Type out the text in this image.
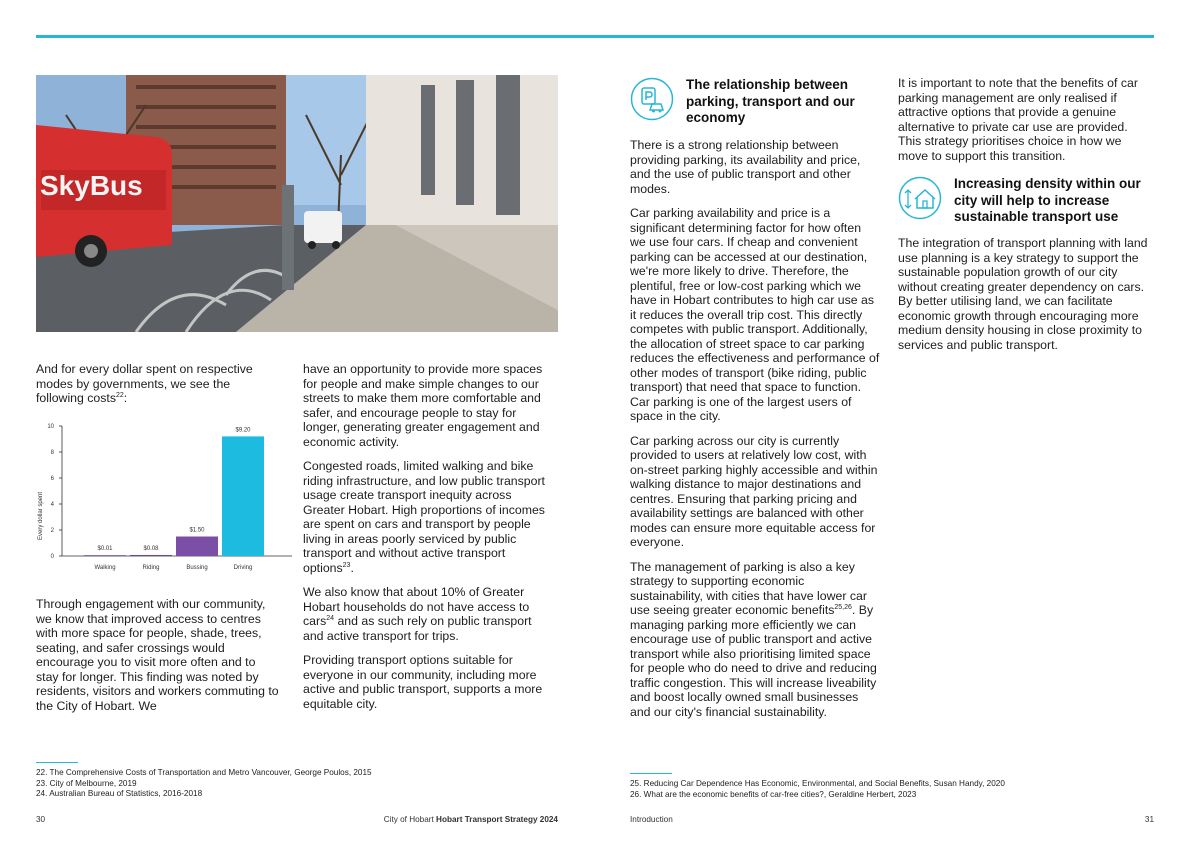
SkyBus

And for every dollar spent on respective modes by governments, we see the following costs$^{22}$:

0
2
4
6
8
10
Every dollar spent
$0.01
Walking
$0.08
Riding
$1.50
Bussing
$9.20
Driving

Through engagement with our community, we know that improved access to centres with more space for people, shade, trees, seating, and safer crossings would encourage you to visit more often and to stay for longer. This finding was noted by residents, visitors and workers commuting to the City of Hobart. We

have an opportunity to provide more spaces for people and make simple changes to our streets to make them more comfortable and safer, and encourage people to stay for longer, generating greater engagement and economic activity.

Congested roads, limited walking and bike riding infrastructure, and low public transport usage create transport inequity across Greater Hobart. High proportions of incomes are spent on cars and transport by people living in areas poorly serviced by public transport and without active transport options$^{23}$.

We also know that about 10% of Greater Hobart households do not have access to cars$^{24}$ and as such rely on public transport and active transport for trips.

Providing transport options suitable for everyone in our community, including more active and public transport, supports a more equitable city.

The relationship between parking, transport and our economy

There is a strong relationship between providing parking, its availability and price, and the use of public transport and other modes.

Car parking availability and price is a significant determining factor for how often we use four cars. If cheap and convenient parking can be accessed at our destination, we're more likely to drive. Therefore, the plentiful, free or low-cost parking which we have in Hobart contributes to high car use as it reduces the overall trip cost. This directly competes with public transport. Additionally, the allocation of street space to car parking reduces the effectiveness and performance of other modes of transport (bike riding, public transport) that need that space to function. Car parking is one of the largest users of space in the city.

Car parking across our city is currently provided to users at relatively low cost, with on-street parking highly accessible and within walking distance to major destinations and centres. Ensuring that parking pricing and availability settings are balanced with other modes can ensure more equitable access for everyone.

The management of parking is also a key strategy to supporting economic sustainability, with cities that have lower car use seeing greater economic benefits$^{25,26}$. By managing parking more efficiently we can encourage use of public transport and active transport while also prioritising limited space for people who do need to drive and reducing traffic congestion. This will increase liveability and boost locally owned small businesses and our city's financial sustainability.

It is important to note that the benefits of car parking management are only realised if attractive options that provide a genuine alternative to private car use are provided. This strategy prioritises choice in how we move to support this transition.

Increasing density within our city will help to increase sustainable transport use

The integration of transport planning with land use planning is a key strategy to support the sustainable population growth of our city without creating greater dependency on cars. By better utilising land, we can facilitate economic growth through encouraging more medium density housing in close proximity to services and public transport.

22. The Comprehensive Costs of Transportation and Metro Vancouver, George Poulos, 2015
23. City of Melbourne, 2019
24. Australian Bureau of Statistics, 2016-2018
25. Reducing Car Dependence Has Economic, Environmental, and Social Benefits, Susan Handy, 2020
26. What are the economic benefits of car-free cities?, Geraldine Herbert, 2023
30	City of Hobart Hobart Transport Strategy 2024	Introduction	31
